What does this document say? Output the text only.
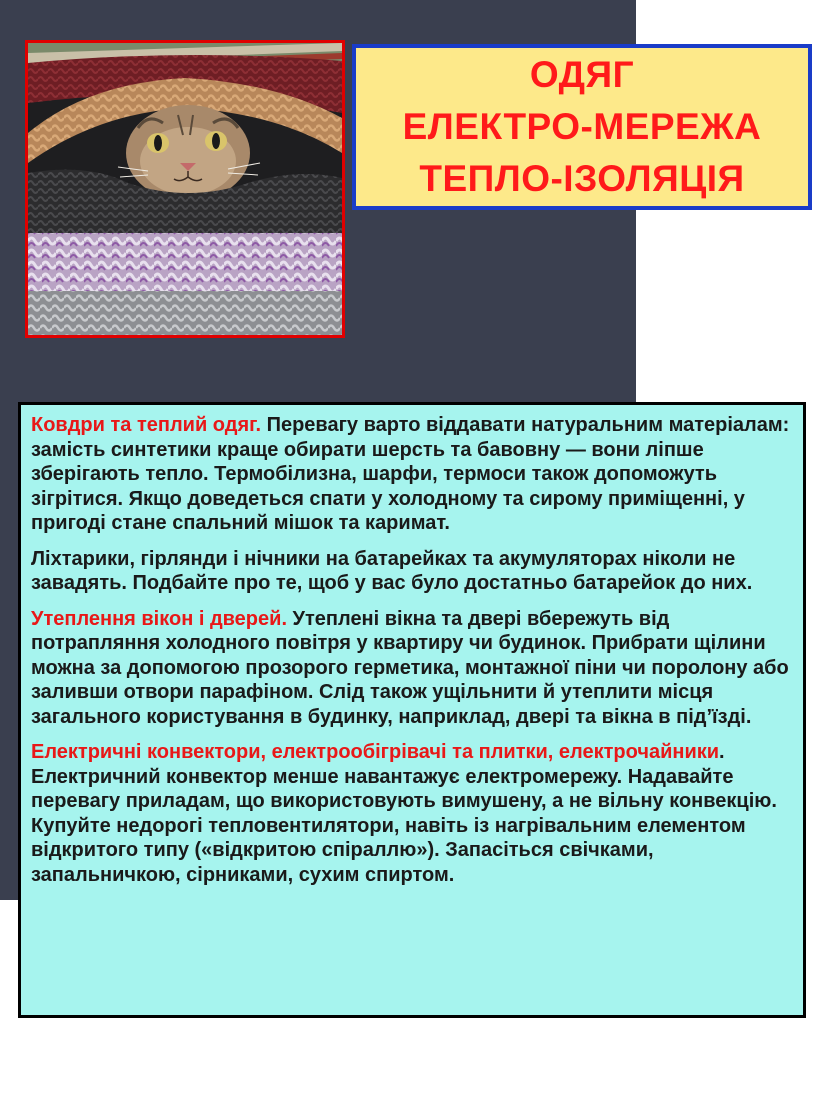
ОДЯГ
ЕЛЕКТРО-МЕРЕЖА
ТЕПЛО-ІЗОЛЯЦІЯ

Ковдри та теплий одяг. Перевагу варто віддавати натуральним матеріалам: замість синтетики краще обирати шерсть та бавовну — вони ліпше зберігають тепло. Термобілизна, шарфи, термоси також допоможуть зігрітися. Якщо доведеться спати у холодному та сирому приміщенні, у пригоді стане спальний мішок та каримат.

Ліхтарики, гірлянди і нічники на батарейках та акумуляторах ніколи не завадять. Подбайте про те, щоб у вас було достатньо батарейок до них.

Утеплення вікон і дверей. Утеплені вікна та двері вбережуть від потрапляння холодного повітря у квартиру чи будинок. Прибрати щілини можна за допомогою прозорого герметика, монтажної піни чи поролону або заливши отвори парафіном. Слід також ущільнити й утеплити місця загального користування в будинку, наприклад, двері та вікна в під’їзді.

Електричні конвектори, електрообігрівачі та плитки, електрочайники. Електричний конвектор менше навантажує електромережу. Надавайте перевагу приладам, що використовують вимушену, а не вільну конвекцію. Купуйте недорогі тепловентилятори, навіть із нагрівальним елементом відкритого типу («відкритою спіраллю»). Запасіться свічками, запальничкою, сірниками, сухим спиртом.
